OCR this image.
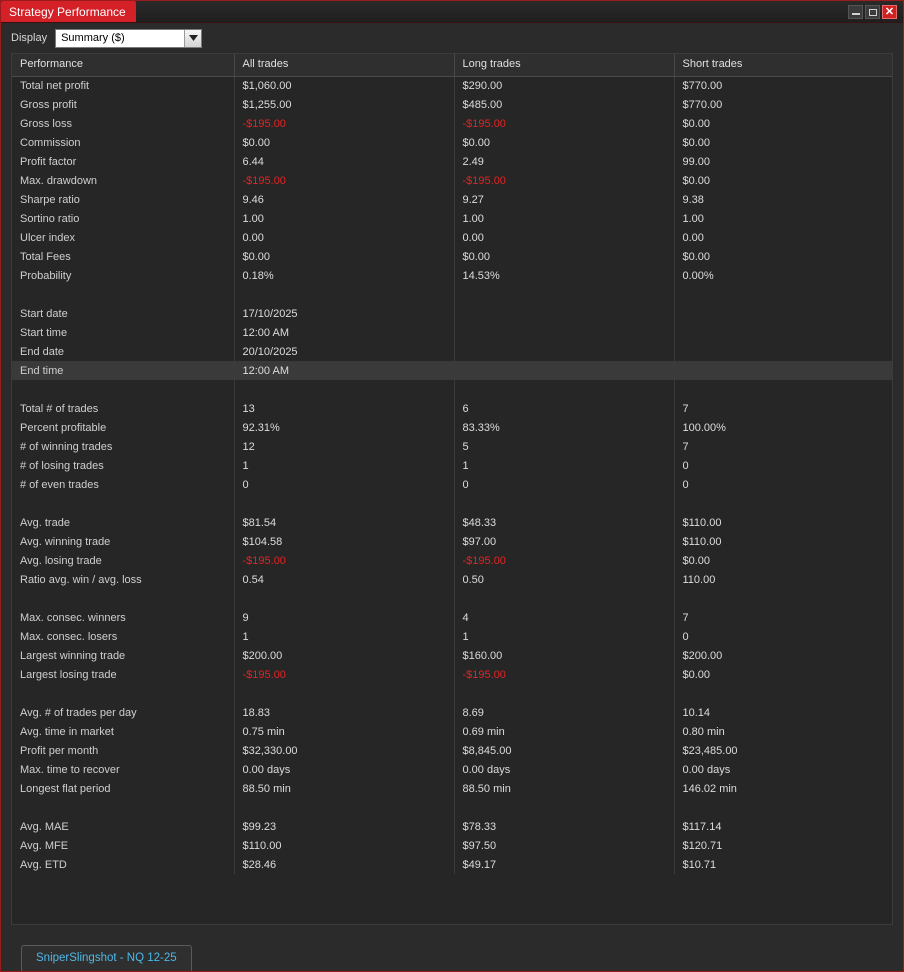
Strategy Performance	✕
Display	Summary ($)
Performance	All trades	Long trades	Short trades
Total net profit	$1,060.00	$290.00	$770.00
Gross profit	$1,255.00	$485.00	$770.00
Gross loss	-$195.00	-$195.00	$0.00
Commission	$0.00	$0.00	$0.00
Profit factor	6.44	2.49	99.00
Max. drawdown	-$195.00	-$195.00	$0.00
Sharpe ratio	9.46	9.27	9.38
Sortino ratio	1.00	1.00	1.00
Ulcer index	0.00	0.00	0.00
Total Fees	$0.00	$0.00	$0.00
Probability	0.18%	14.53%	0.00%

Start date	17/10/2025		
Start time	12:00 AM		
End date	20/10/2025		
End time	12:00 AM		

Total # of trades	13	6	7
Percent profitable	92.31%	83.33%	100.00%
# of winning trades	12	5	7
# of losing trades	1	1	0
# of even trades	0	0	0

Avg. trade	$81.54	$48.33	$110.00
Avg. winning trade	$104.58	$97.00	$110.00
Avg. losing trade	-$195.00	-$195.00	$0.00
Ratio avg. win / avg. loss	0.54	0.50	110.00

Max. consec. winners	9	4	7
Max. consec. losers	1	1	0
Largest winning trade	$200.00	$160.00	$200.00
Largest losing trade	-$195.00	-$195.00	$0.00

Avg. # of trades per day	18.83	8.69	10.14
Avg. time in market	0.75 min	0.69 min	0.80 min
Profit per month	$32,330.00	$8,845.00	$23,485.00
Max. time to recover	0.00 days	0.00 days	0.00 days
Longest flat period	88.50 min	88.50 min	146.02 min

Avg. MAE	$99.23	$78.33	$117.14
Avg. MFE	$110.00	$97.50	$120.71
Avg. ETD	$28.46	$49.17	$10.71
SniperSlingshot - NQ 12-25
